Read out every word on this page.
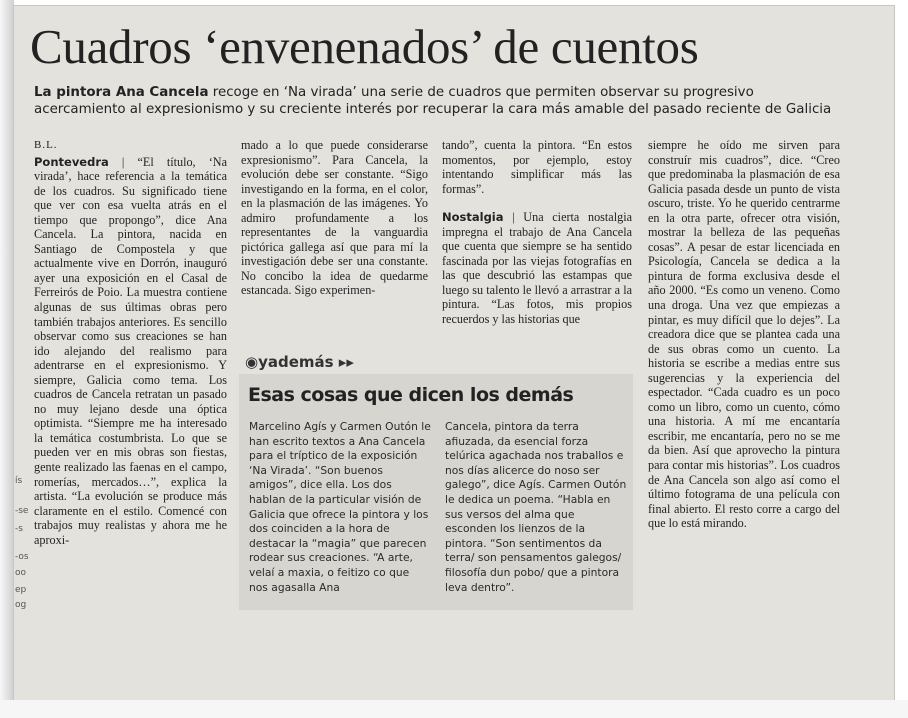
Cuadros ‘envenenados’ de cuentos
La pintora Ana Cancela recoge en ‘Na virada’ una serie de cuadros que permiten observar su progresivo acercamiento al expresionismo y su creciente interés por recuperar la cara más amable del pasado reciente de Galicia
B.L.

Pontevedra | “El título, ‘Na virada’, hace referencia a la temática de los cuadros. Su significado tiene que ver con esa vuelta atrás en el tiempo que propongo”, dice Ana Cancela. La pintora, nacida en Santiago de Compostela y que actualmente vive en Dorrón, inauguró ayer una exposición en el Casal de Ferreirós de Poio. La muestra contiene algunas de sus últimas obras pero también trabajos anteriores. Es sencillo observar como sus creaciones se han ido alejando del realismo para adentrarse en el expresionismo. Y siempre, Galicia como tema. Los cuadros de Cancela retratan un pasado no muy lejano desde una óptica optimista. “Siempre me ha interesado la temática costumbrista. Lo que se pueden ver en mis obras son fiestas, gente realizado las faenas en el campo, romerías, mercados…”, explica la artista. “La evolución se produce más claramente en el estilo. Comencé con trabajos muy realistas y ahora me he aproxi-

mado a lo que puede considerarse expresionismo”. Para Cancela, la evolución debe ser constante. “Sigo investigando en la forma, en el color, en la plasmación de las imágenes. Yo admiro profundamente a los representantes de la vanguardia pictórica gallega así que para mí la investigación debe ser una constante. No concibo la idea de quedarme estancada. Sigo experimen-

tando”, cuenta la pintora. “En estos momentos, por ejemplo, estoy intentando simplificar más las formas”.

Nostalgia | Una cierta nostalgia impregna el trabajo de Ana Cancela que cuenta que siempre se ha sentido fascinada por las viejas fotografías en las que descubrió las estampas que luego su talento le llevó a arrastrar a la pintura. “Las fotos, mis propios recuerdos y las historias que

siempre he oído me sirven para construír mis cuadros”, dice. “Creo que predominaba la plasmación de esa Galicia pasada desde un punto de vista oscuro, triste. Yo he querido centrarme en la otra parte, ofrecer otra visión, mostrar la belleza de las pequeñas cosas”. A pesar de estar licenciada en Psicología, Cancela se dedica a la pintura de forma exclusiva desde el año 2000. “Es como un veneno. Como una droga. Una vez que empiezas a pintar, es muy difícil que lo dejes”. La creadora dice que se plantea cada una de sus obras como un cuento. La historia se escribe a medias entre sus sugerencias y la experiencia del espectador. “Cada cuadro es un poco como un libro, como un cuento, cómo una historia. A mí me encantaría escribir, me encantaría, pero no se me da bien. Así que aprovecho la pintura para contar mis historias”. Los cuadros de Ana Cancela son algo así como el último fotograma de una película con final abierto. El resto corre a cargo del que lo está mirando.

◉yademás ▸▸
Esas cosas que dicen los demás
Marcelino Agís y Carmen Outón le han escrito textos a Ana Cancela para el tríptico de la exposición ‘Na Virada’. “Son buenos amigos”, dice ella. Los dos hablan de la particular visión de Galicia que ofrece la pintora y los dos coinciden a la hora de destacar la “magia” que parecen rodear sus creaciones. “A arte, velaí a maxia, o feitizo co que nos agasalla Ana
Cancela, pintora da terra afiuzada, da esencial forza telúrica agachada nos traballos e nos días alicerce do noso ser galego”, dice Agís. Carmen Outón le dedica un poema. “Habla en sus versos del alma que esconden los lienzos de la pintora. “Son sentimentos da terra/ son pensamentos galegos/ filosofía dun pobo/ que a pintora leva dentro”.
ís
-se
-s
-os
oo
ep
og
